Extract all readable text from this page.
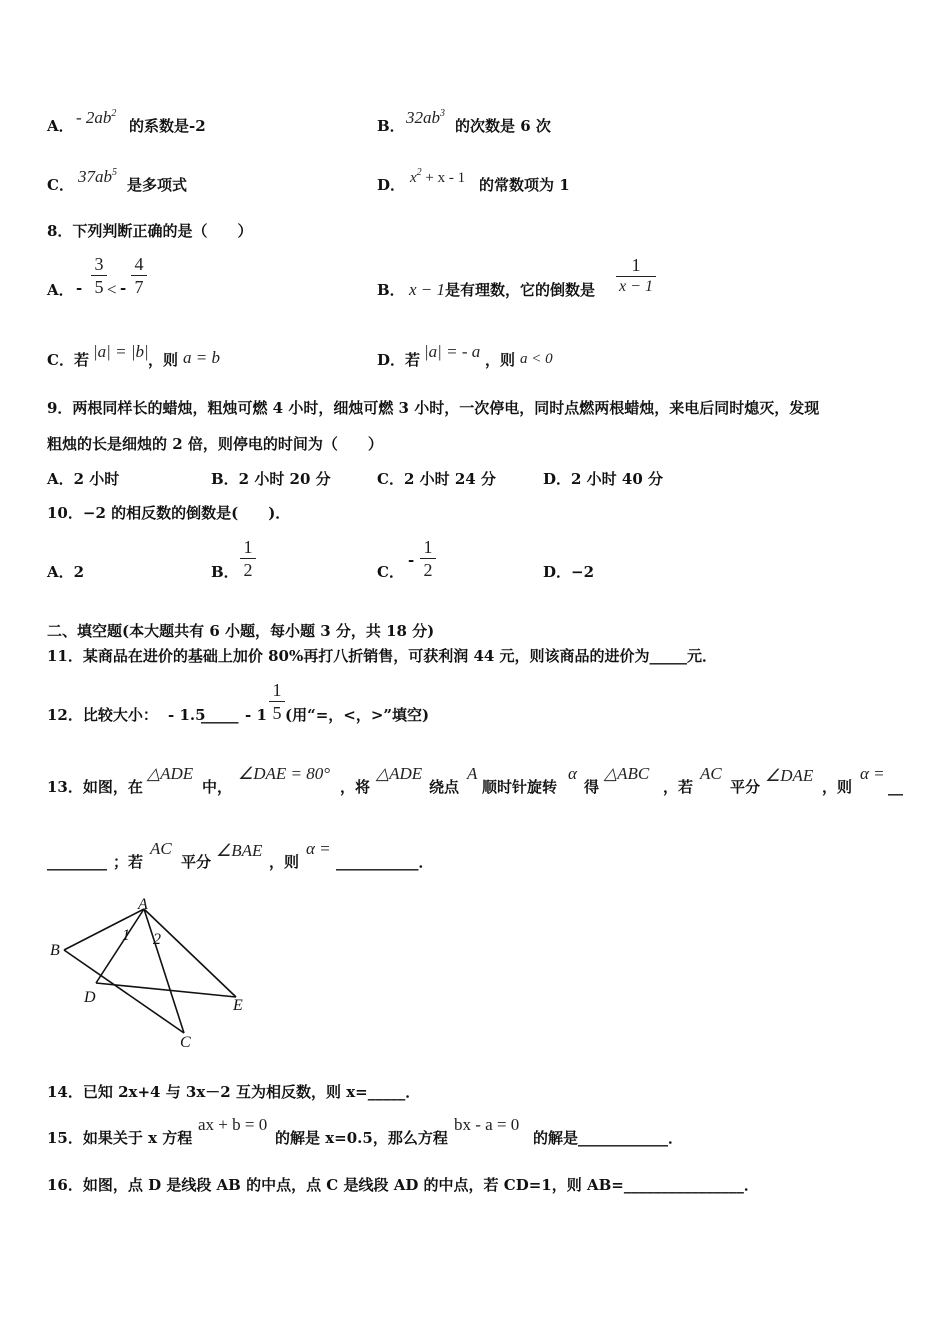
A． - $2ab^2$
的系数是-2	B． $32ab^3$
的次数是 6 次
C． $37ab^5$
是多项式	D． $x^2 + x - 1$ 的常数项为 1
8．下列判断正确的是（　　）
A． -
3
5 < -
4
7	B． x − 1 是有理数，它的倒数是
1
x − 1
C．若 |a| = |b| ，则 a = b	D．若 |a| = - a ，则 a < 0
9．两根同样长的蜡烛，粗烛可燃 4 小时，细烛可燃 3 小时，一次停电，同时点燃两根蜡烛，来电后同时熄灭，发现
粗烛的长是细烛的 2 倍，则停电的时间为（　　）
A．2 小时	B．2 小时 20 分	C．2 小时 24 分	D．2 小时 40 分
10．−2 的相反数的倒数是(　　)．
A．2	B．
1
2	C．
-
1
2	D．−2
二、填空题(本大题共有 6 小题，每小题 3 分，共 18 分)
11．某商品在进价的基础上加价 80%再打八折销售，可获利润 44 元，则该商品的进价为_____元．
12．比较大小： - 1.5
_____ - 1
1
5 (用“=，<，>”填空)
13．如图，在
△ADE
中，
∠DAE = 80°
，将
△ADE
绕点
A
顺时针旋转
α
得
△ABC
，若
AC
平分
∠DAE
，则
α =
__
________ ；若
AC
平分
∠BAE
，则
α =
___________．
A
B
D	E
C
1 2
14．已知 2x+4 与 3x－2 互为相反数，则 x=_____．
15．如果关于 x 方程
ax + b = 0
的解是 x=0.5，那么方程
bx - a = 0
的解是____________．
16．如图，点 D 是线段 AB 的中点，点 C 是线段 AD 的中点，若 CD=1，则 AB=________________．
